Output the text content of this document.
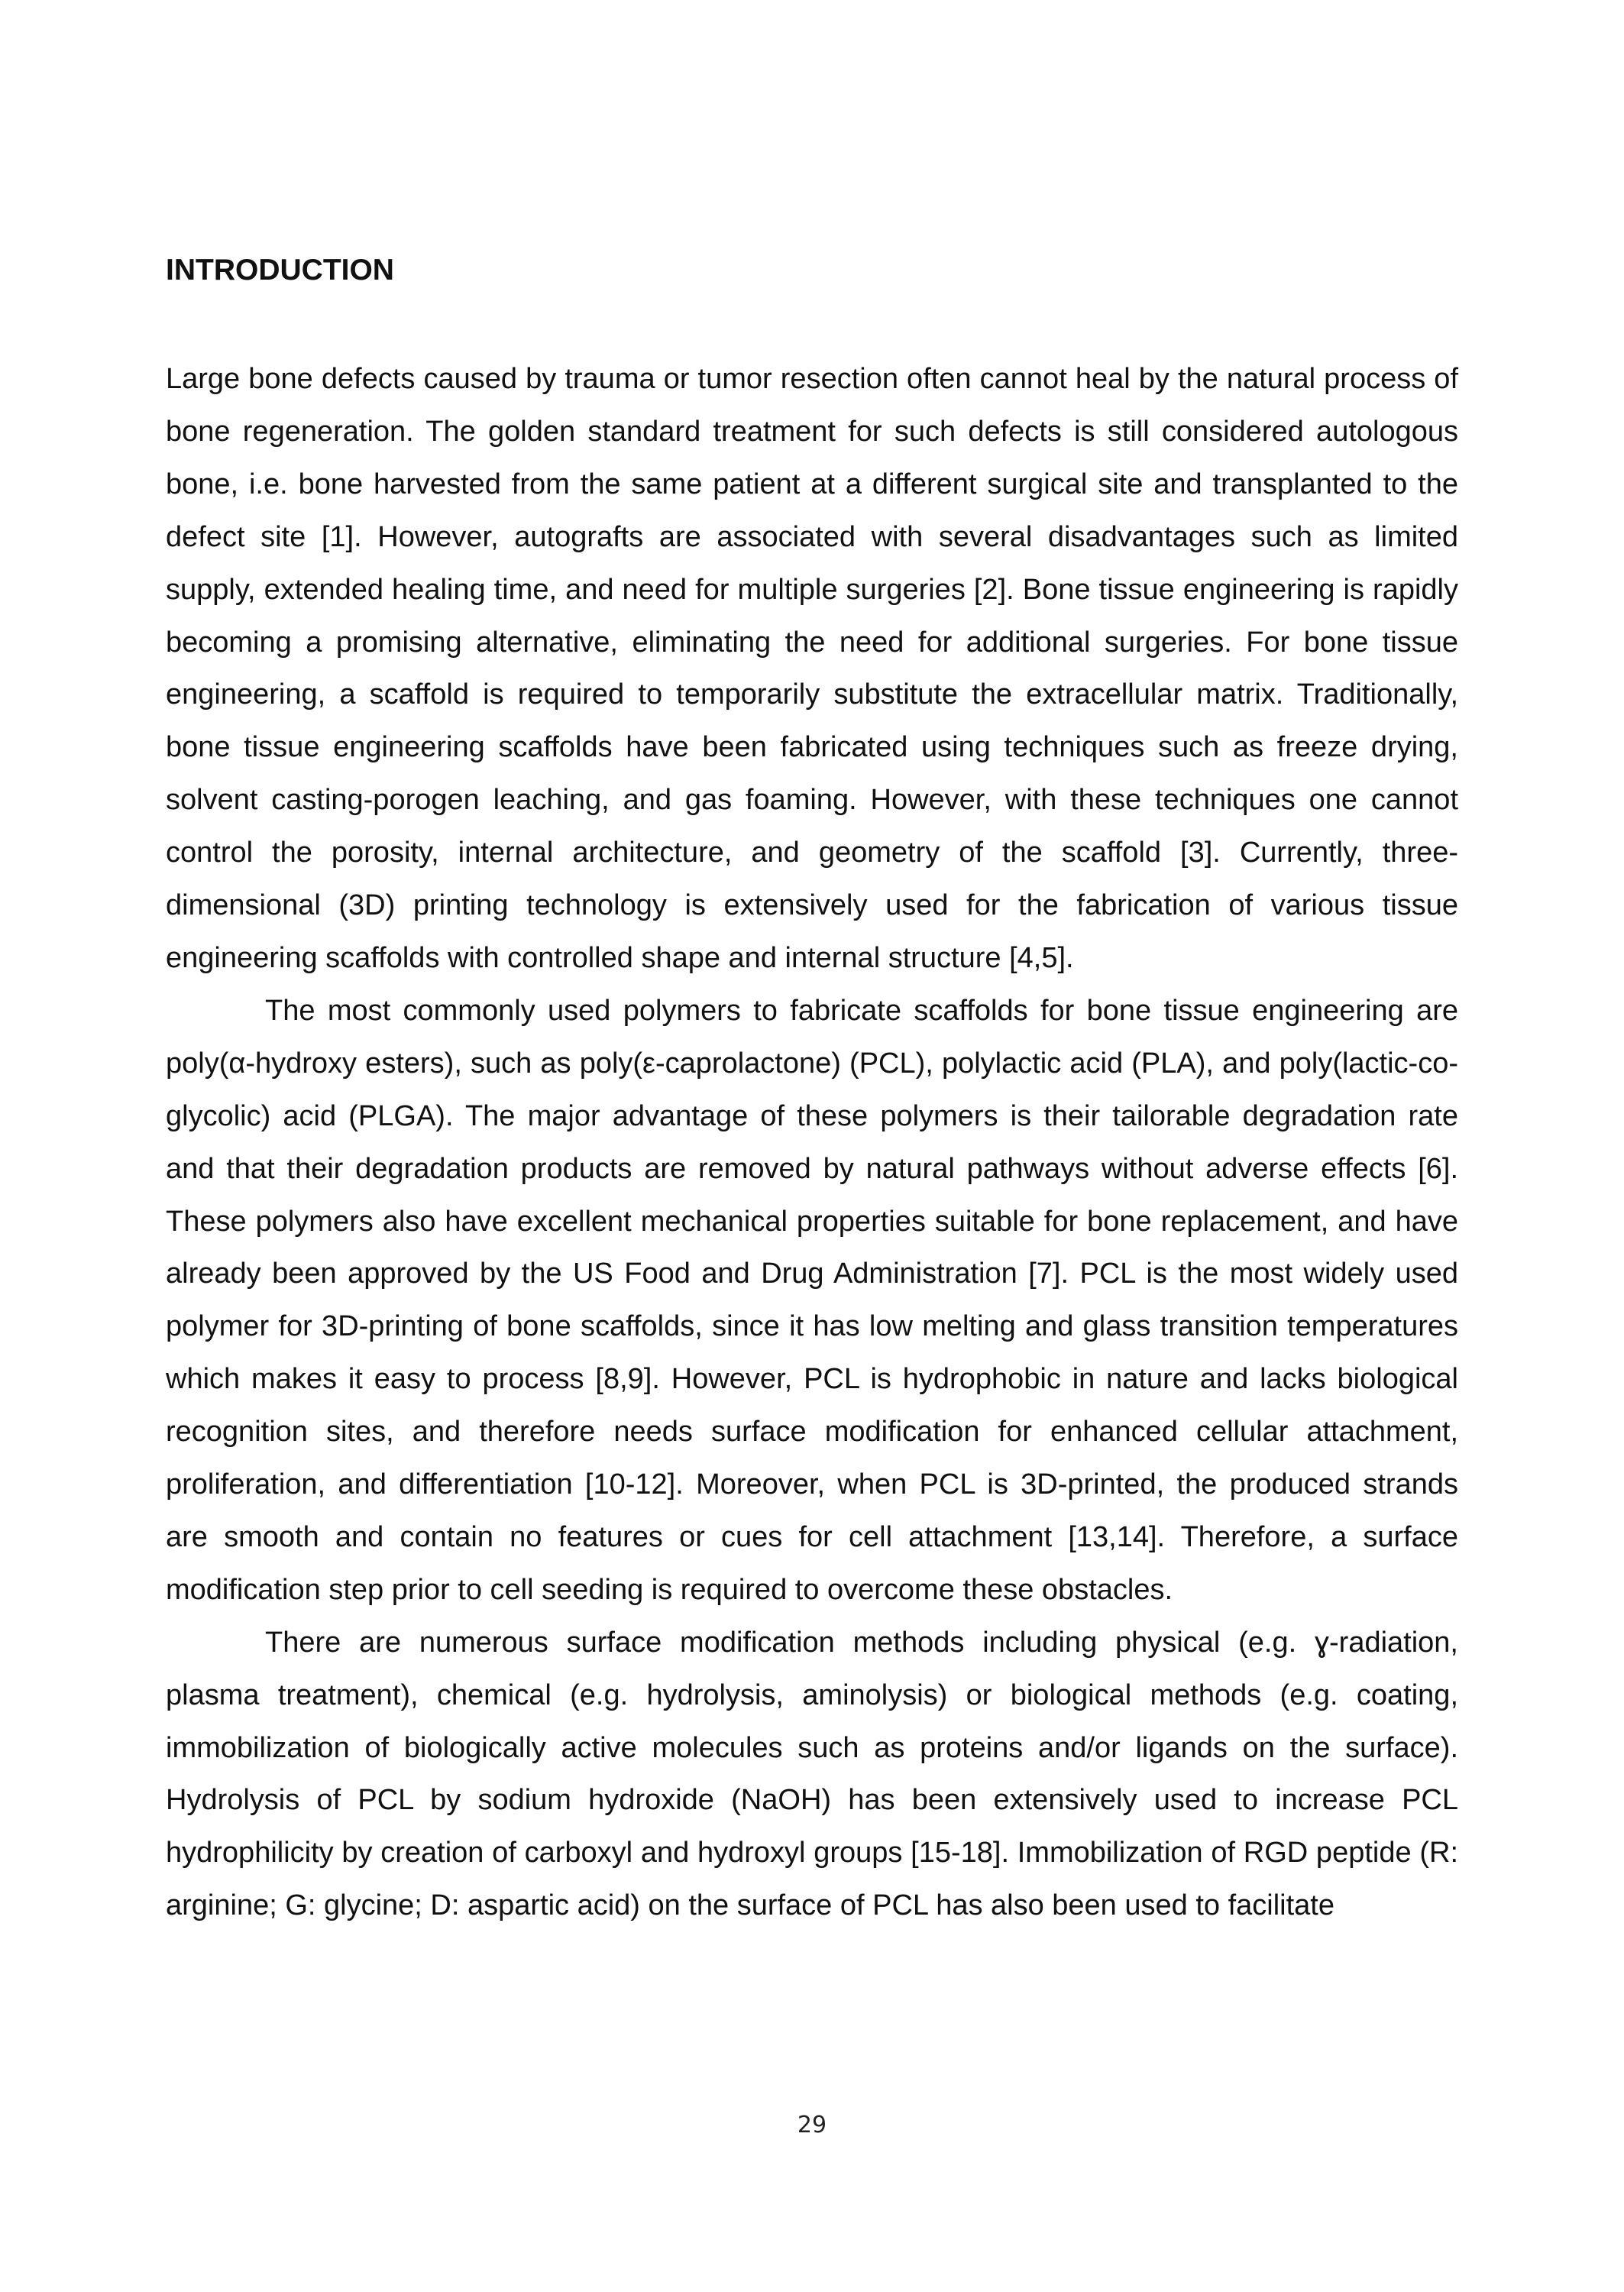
INTRODUCTION

Large bone defects caused by trauma or tumor resection often cannot heal by the natural process of bone regeneration. The golden standard treatment for such defects is still considered autologous bone, i.e. bone harvested from the same patient at a different surgical site and transplanted to the defect site [1]. However, autografts are associated with several disadvantages such as limited supply, extended healing time, and need for multiple surgeries [2]. Bone tissue engineering is rapidly becoming a promising alternative, eliminating the need for additional surgeries. For bone tissue engineering, a scaffold is required to temporarily substitute the extracellular matrix. Traditionally, bone tissue engineering scaffolds have been fabricated using techniques such as freeze drying, solvent casting-porogen leaching, and gas foaming. However, with these techniques one cannot control the porosity, internal architecture, and geometry of the scaffold [3]. Currently, three-dimensional (3D) printing technology is extensively used for the fabrication of various tissue engineering scaffolds with controlled shape and internal structure [4,5].

The most commonly used polymers to fabricate scaffolds for bone tissue engineering are poly(α-hydroxy esters), such as poly(ε-caprolactone) (PCL), polylactic acid (PLA), and poly(lactic-co-glycolic) acid (PLGA). The major advantage of these polymers is their tailorable degradation rate and that their degradation products are removed by natural pathways without adverse effects [6]. These polymers also have excellent mechanical properties suitable for bone replacement, and have already been approved by the US Food and Drug Administration [7]. PCL is the most widely used polymer for 3D-printing of bone scaffolds, since it has low melting and glass transition temperatures which makes it easy to process [8,9]. However, PCL is hydrophobic in nature and lacks biological recognition sites, and therefore needs surface modification for enhanced cellular attachment, proliferation, and differentiation [10-12]. Moreover, when PCL is 3D-printed, the produced strands are smooth and contain no features or cues for cell attachment [13,14]. Therefore, a surface modification step prior to cell seeding is required to overcome these obstacles.

There are numerous surface modification methods including physical (e.g. ɣ-radiation, plasma treatment), chemical (e.g. hydrolysis, aminolysis) or biological methods (e.g. coating, immobilization of biologically active molecules such as proteins and/or ligands on the surface). Hydrolysis of PCL by sodium hydroxide (NaOH) has been extensively used to increase PCL hydrophilicity by creation of carboxyl and hydroxyl groups [15-18]. Immobilization of RGD peptide (R: arginine; G: glycine; D: aspartic acid) on the surface of PCL has also been used to facilitate

29
